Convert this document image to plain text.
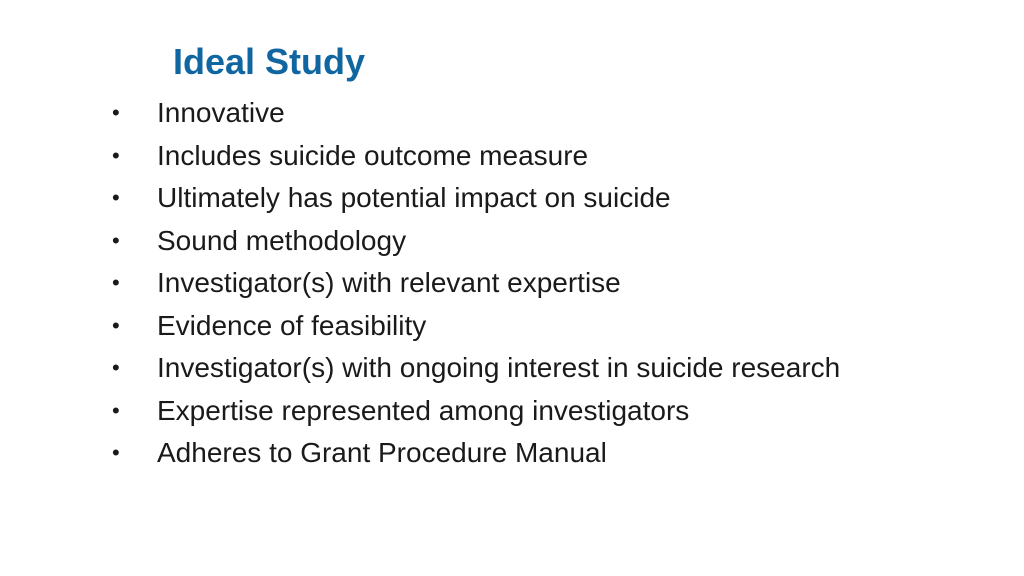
Ideal Study
•	Innovative
•	Includes suicide outcome measure
•	Ultimately has potential impact on suicide
•	Sound methodology
•	Investigator(s) with relevant expertise
•	Evidence of feasibility
•	Investigator(s) with ongoing interest in suicide research
•	Expertise represented among investigators
•	Adheres to Grant Procedure Manual
